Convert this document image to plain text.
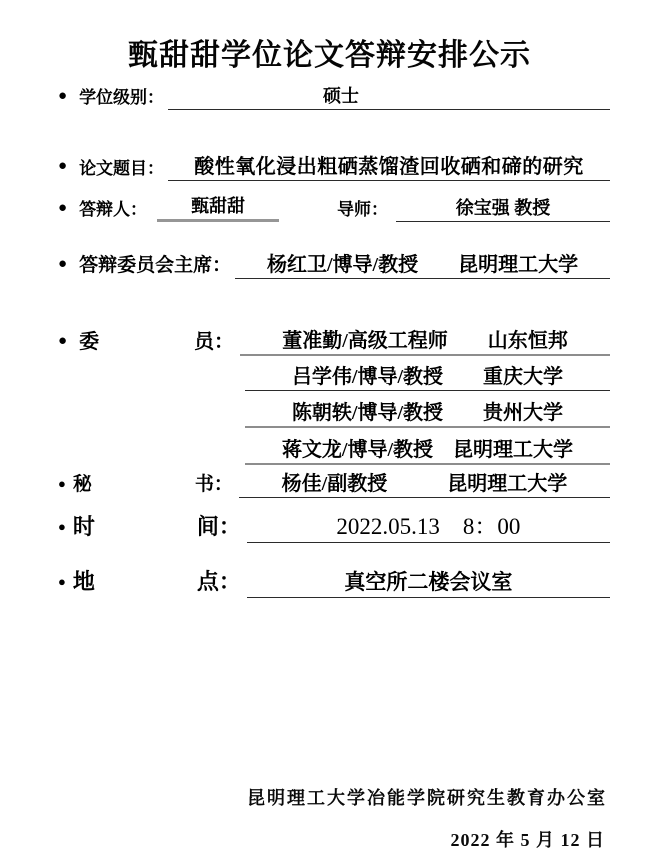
甄甜甜学位论文答辩安排公示
● 学位级别：	硕士
● 论文题目： 酸性氧化浸出粗硒蒸馏渣回收硒和碲的研究
● 答辩人： 甄甜甜	导师：	徐宝强 教授
● 答辩委员会主席： 杨红卫/博导/教授　　昆明理工大学
● 委	员： 董准勤/高级工程师　　山东恒邦
吕学伟/博导/教授　　重庆大学
陈朝轶/博导/教授　　贵州大学
蒋文龙/博导/教授　昆明理工大学
● 秘	书： 杨佳/副教授　　　昆明理工大学
● 时	间：	2022.05.13　8：00
● 地	点：	真空所二楼会议室
昆明理工大学冶能学院研究生教育办公室
2022 年 5 月 12 日
